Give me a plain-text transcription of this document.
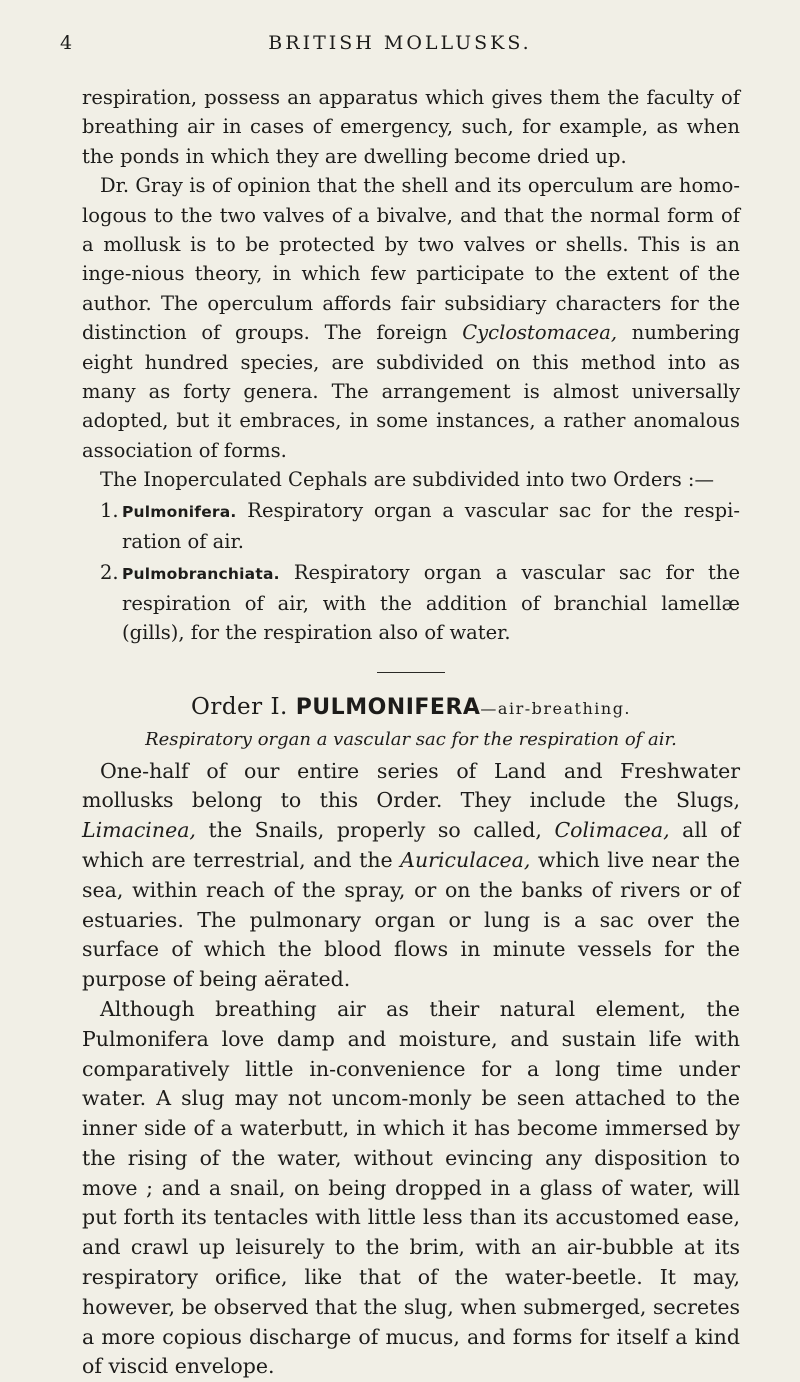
4	BRITISH MOLLUSKS.

respiration, possess an apparatus which gives them the faculty of breathing air in cases of emergency, such, for example, as when the ponds in which they are dwelling become dried up.

Dr. Gray is of opinion that the shell and its operculum are homo-logous to the two valves of a bivalve, and that the normal form of a mollusk is to be protected by two valves or shells. This is an inge-nious theory, in which few participate to the extent of the author. The operculum affords fair subsidiary characters for the distinction of groups. The foreign Cyclostomacea, numbering eight hundred species, are subdivided on this method into as many as forty genera. The arrangement is almost universally adopted, but it embraces, in some instances, a rather anomalous association of forms.

The Inoperculated Cephals are subdivided into two Orders :—

1. Pulmonifera. Respiratory organ a vascular sac for the respi-ration of air.
2. Pulmobranchiata. Respiratory organ a vascular sac for the respiration of air, with the addition of branchial lamellæ (gills), for the respiration also of water.
Order I. PULMONIFERA—air-breathing.
Respiratory organ a vascular sac for the respiration of air.

One-half of our entire series of Land and Freshwater mollusks belong to this Order. They include the Slugs, Limacinea, the Snails, properly so called, Colimacea, all of which are terrestrial, and the Auriculacea, which live near the sea, within reach of the spray, or on the banks of rivers or of estuaries. The pulmonary organ or lung is a sac over the surface of which the blood flows in minute vessels for the purpose of being aërated.

Although breathing air as their natural element, the Pulmonifera love damp and moisture, and sustain life with comparatively little in-convenience for a long time under water. A slug may not uncom-monly be seen attached to the inner side of a waterbutt, in which it has become immersed by the rising of the water, without evincing any disposition to move ; and a snail, on being dropped in a glass of water, will put forth its tentacles with little less than its accustomed ease, and crawl up leisurely to the brim, with an air-bubble at its respiratory orifice, like that of the water-beetle. It may, however, be observed that the slug, when submerged, secretes a more copious discharge of mucus, and forms for itself a kind of viscid envelope.
